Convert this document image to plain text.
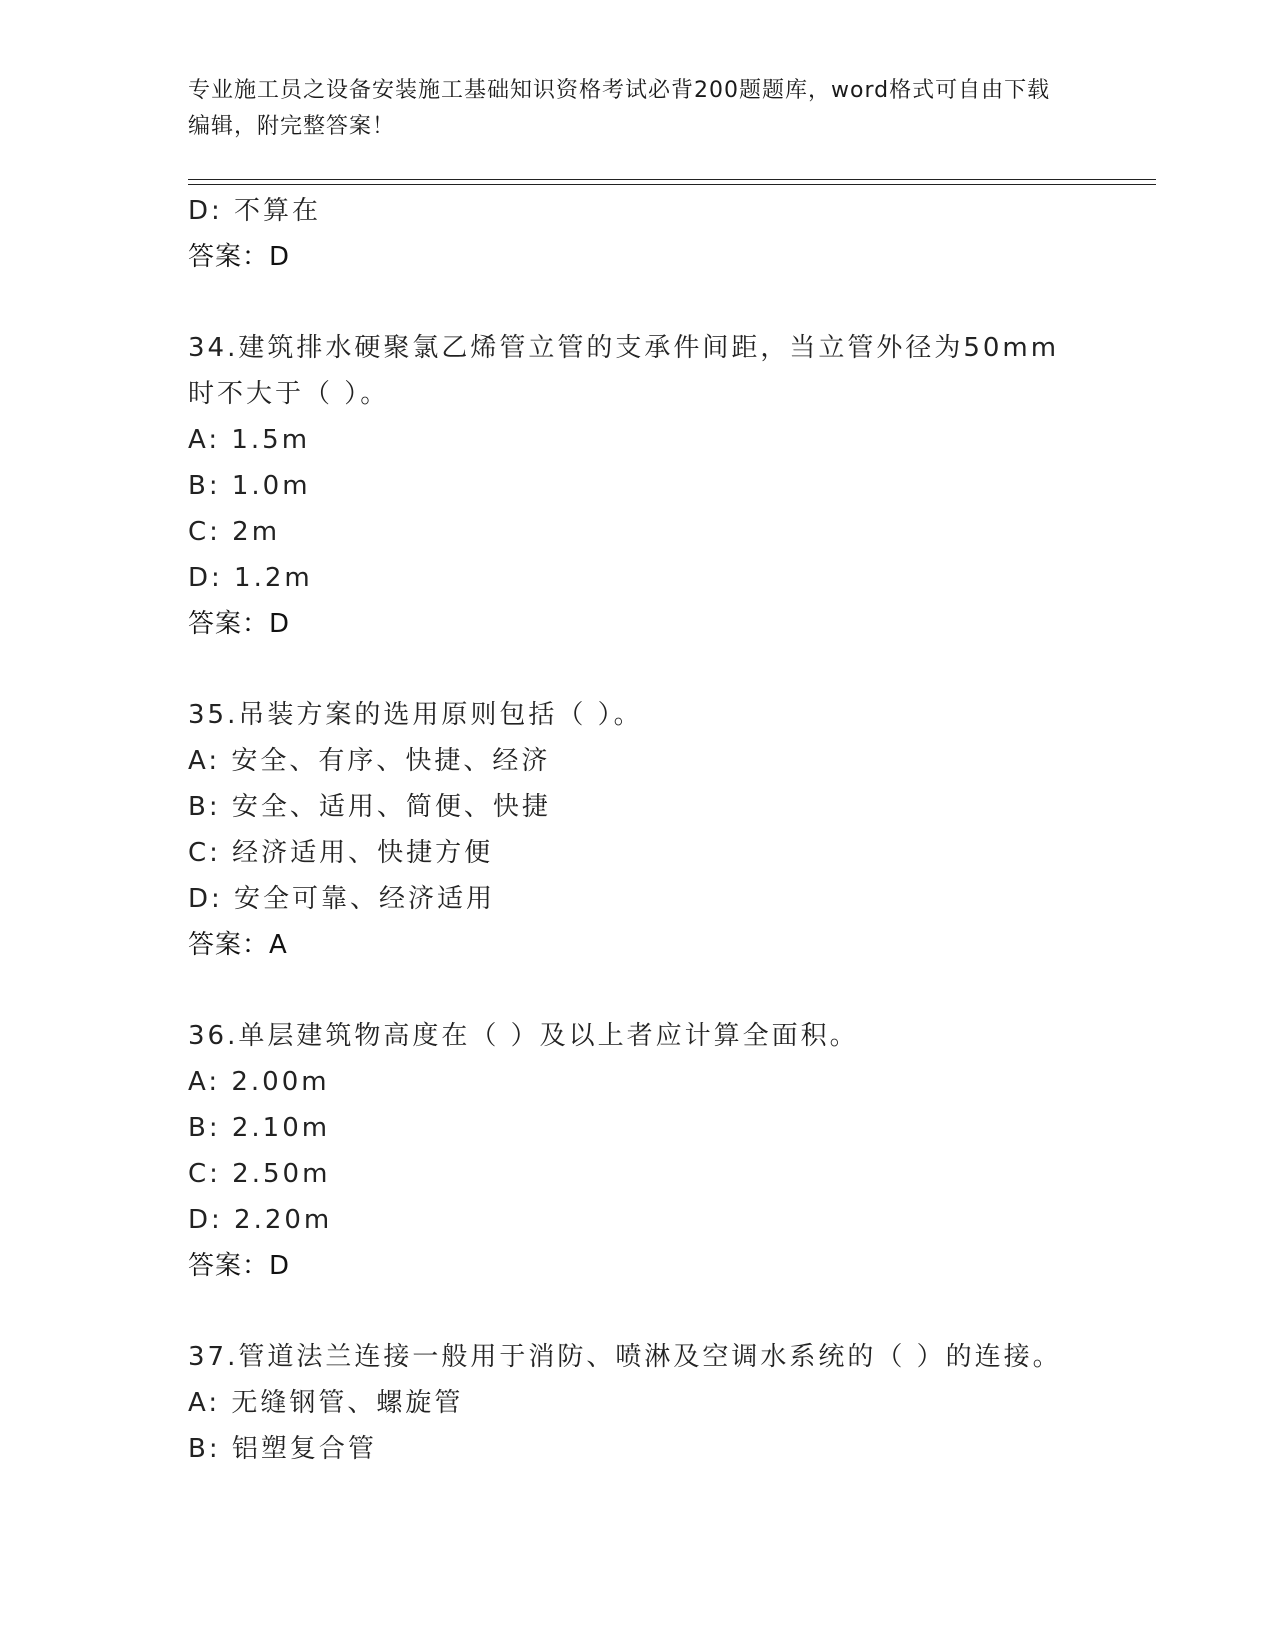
专业施工员之设备安装施工基础知识资格考试必背200题题库，word格式可自由下载编辑，附完整答案！
D: 不算在
答案：D
34.建筑排水硬聚氯乙烯管立管的支承件间距，当立管外径为50mm时不大于（ ）。
A: 1.5m
B: 1.0m
C: 2m
D: 1.2m
答案：D
35.吊装方案的选用原则包括（ ）。
A: 安全、有序、快捷、经济
B: 安全、适用、简便、快捷
C: 经济适用、快捷方便
D: 安全可靠、经济适用
答案：A
36.单层建筑物高度在（ ）及以上者应计算全面积。
A: 2.00m
B: 2.10m
C: 2.50m
D: 2.20m
答案：D
37.管道法兰连接一般用于消防、喷淋及空调水系统的（ ）的连接。
A: 无缝钢管、螺旋管
B: 铝塑复合管
